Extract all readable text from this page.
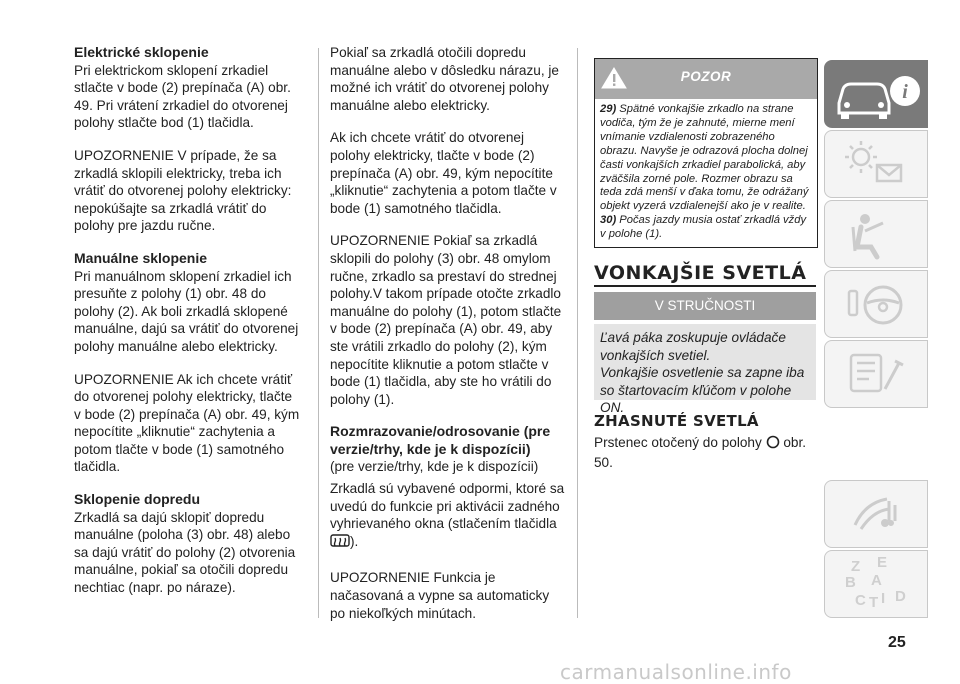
Elektrické sklopenie

Pri elektrickom sklopení zrkadiel stlačte v bode (2) prepínača (A) obr. 49. Pri vrátení zrkadiel do otvorenej polohy stlačte bod (1) tlačidla.

UPOZORNENIE V prípade, že sa zrkadlá sklopili elektricky, treba ich vrátiť do otvorenej polohy elektricky: nepokúšajte sa zrkadlá vrátiť do polohy pre jazdu ručne.

Manuálne sklopenie

Pri manuálnom sklopení zrkadiel ich presuňte z polohy (1) obr. 48 do polohy (2). Ak boli zrkadlá sklopené manuálne, dajú sa vrátiť do otvorenej polohy manuálne alebo elektricky.

UPOZORNENIE Ak ich chcete vrátiť do otvorenej polohy elektricky, tlačte v bode (2) prepínača (A) obr. 49, kým nepocítite „kliknutie“ zachytenia a potom tlačte v bode (1) samotného tlačidla.

Sklopenie dopredu

Zrkadlá sa dajú sklopiť dopredu manuálne (poloha (3) obr. 48) alebo sa dajú vrátiť do polohy (2) otvorenia manuálne, pokiaľ sa otočili dopredu nechtiac (napr. po náraze).

Pokiaľ sa zrkadlá otočili dopredu manuálne alebo v dôsledku nárazu, je možné ich vrátiť do otvorenej polohy manuálne alebo elektricky.

Ak ich chcete vrátiť do otvorenej polohy elektricky, tlačte v bode (2) prepínača (A) obr. 49, kým nepocítite „kliknutie“ zachytenia a potom tlačte v bode (1) samotného tlačidla.

UPOZORNENIE Pokiaľ sa zrkadlá sklopili do polohy (3) obr. 48 omylom ručne, zrkadlo sa prestaví do strednej polohy.V takom prípade otočte zrkadlo manuálne do polohy (1), potom stlačte v bode (2) prepínača (A) obr. 49, aby ste vrátili zrkadlo do polohy (2), kým nepocítite kliknutie a potom stlačte v bode (1) tlačidla, aby ste ho vrátili do polohy (1).

Rozmrazovanie/odrosovanie (pre verzie/trhy, kde je k dispozícii)

(pre verzie/trhy, kde je k dispozícii)

Zrkadlá sú vybavené odpormi, ktoré sa uvedú do funkcie pri aktivácii zadného vyhrievaného okna (stlačením tlačidla ).

UPOZORNENIE Funkcia je načasovaná a vypne sa automaticky po niekoľkých minútach.

POZOR
29) Spätné vonkajšie zrkadlo na strane vodiča, tým že je zahnuté, mierne mení vnímanie vzdialenosti zobrazeného obrazu. Navyše je odrazová plocha dolnej časti vonkajších zrkadiel parabolická, aby zväčšila zorné pole. Rozmer obrazu sa teda zdá menší v ďaka tomu, že odrážaný objekt vyzerá vzdialenejší ako je v realite.
30) Počas jazdy musia ostať zrkadlá vždy v polohe (1).
VONKAJŠIE SVETLÁ
V STRUČNOSTI

Ľavá páka zoskupuje ovládače vonkajších svetiel.

Vonkajšie osvetlenie sa zapne iba so štartovacím kľúčom v polohe ON.

ZHASNUTÉ SVETLÁ
Prstenec otočený do polohy obr. 50.
i
Z E
B A
C D
I
T
25
carmanualsonline.info
